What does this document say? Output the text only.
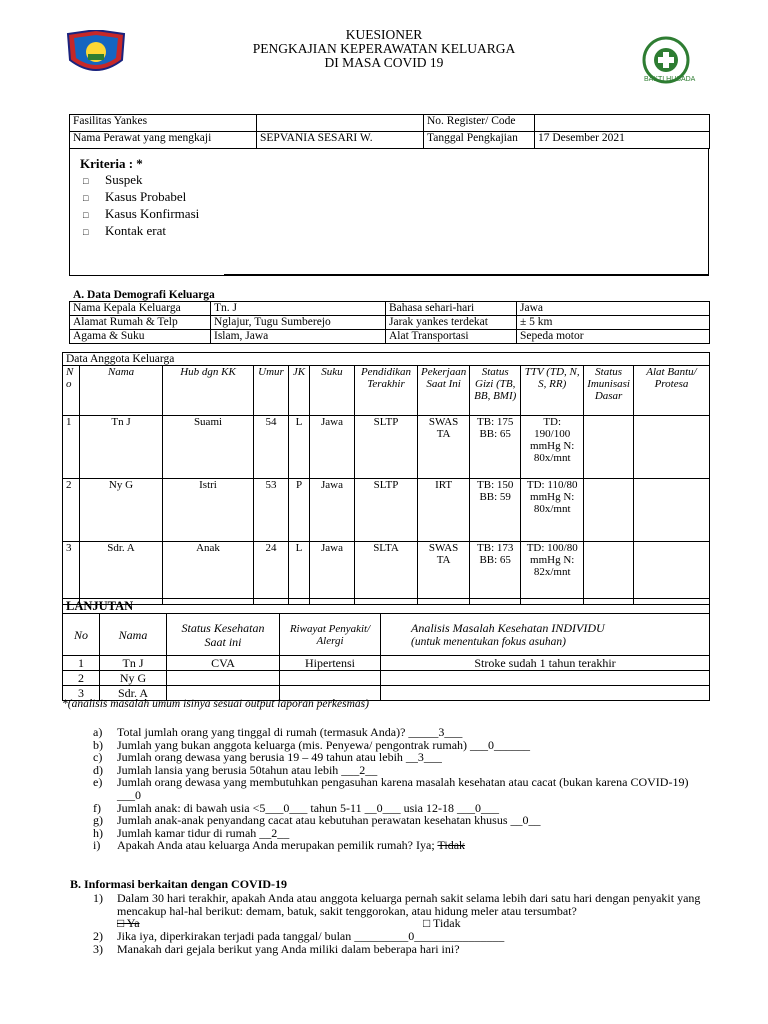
KUESIONER
PENGKAJIAN KEPERAWATAN KELUARGA
DI MASA COVID 19
BAKTI HUSADA
Fasilitas Yankes		No. Register/ Code	
Nama Perawat yang mengkaji	SEPVANIA SESARI W.	Tanggal Pengkajian	17 Desember 2021
Kriteria : *
□ Suspek
□ Kasus Probabel
□ Kasus Konfirmasi
□ Kontak erat
A. Data Demografi Keluarga
Nama Kepala Keluarga	Tn. J	Bahasa sehari-hari	Jawa
Alamat Rumah & Telp	Nglajur, Tugu Sumberejo	Jarak yankes terdekat	± 5 km
Agama & Suku	Islam, Jawa	Alat Transportasi	Sepeda motor
Data Anggota Keluarga											
N o	Nama	Hub dgn KK	Umur	JK	Suku	Pendidikan Terakhir	Pekerjaan Saat Ini	Status Gizi (TB, BB, BMI)	TTV (TD, N, S, RR)	Status Imunisasi Dasar	Alat Bantu/ Protesa
1	Tn J	Suami	54	L	Jawa	SLTP	SWAS TA	TB: 175 BB: 65	TD: 190/100 mmHg N: 80x/mnt		
2	Ny G	Istri	53	P	Jawa	SLTP	IRT	TB: 150 BB: 59	TD: 110/80 mmHg N: 80x/mnt		
3	Sdr. A	Anak	24	L	Jawa	SLTA	SWAS TA	TB: 173 BB: 65	TD: 100/80 mmHg N: 82x/mnt		
LANJUTAN				
No	Nama	Status Kesehatan Saat ini	Riwayat Penyakit/ Alergi	Analisis Masalah Kesehatan INDIVIDU
(untuk menentukan fokus asuhan)

1	Tn J	CVA	Hipertensi	Stroke sudah 1 tahun terakhir
2	Ny G			
3	Sdr. A			
*(analisis masalah umum isinya sesuai output laporan perkesmas)
a)	Total jumlah orang yang tinggal di rumah (termasuk Anda)? _____3___
b)	Jumlah yang bukan anggota keluarga (mis. Penyewa/ pengontrak rumah) ___0______
c)	Jumlah orang dewasa yang berusia 19 – 49 tahun atau lebih __3___
d)	Jumlah lansia yang berusia 50tahun atau lebih ___2__
e)	Jumlah orang dewasa yang membutuhkan pengasuhan karena masalah kesehatan atau cacat (bukan karena COVID-19) ___0
f)	Jumlah anak: di bawah usia <5___0___ tahun 5-11 __0___ usia 12-18 ___0___
g)	Jumlah anak-anak penyandang cacat atau kebutuhan perawatan kesehatan khusus __0__
h)	Jumlah kamar tidur di rumah __2__
i)	Apakah Anda atau keluarga Anda merupakan pemilik rumah? Iya; Tidak
B. Informasi berkaitan dengan COVID-19
1)	Dalam 30 hari terakhir, apakah Anda atau anggota keluarga pernah sakit selama lebih dari satu hari dengan penyakit yang mencakup hal-hal berikut: demam, batuk, sakit tenggorokan, atau hidung meler atau tersumbat?
□ Ya	□ Tidak
2)	Jika iya, diperkirakan terjadi pada tanggal/ bulan _________0_______________
3)	Manakah dari gejala berikut yang Anda miliki dalam beberapa hari ini?
